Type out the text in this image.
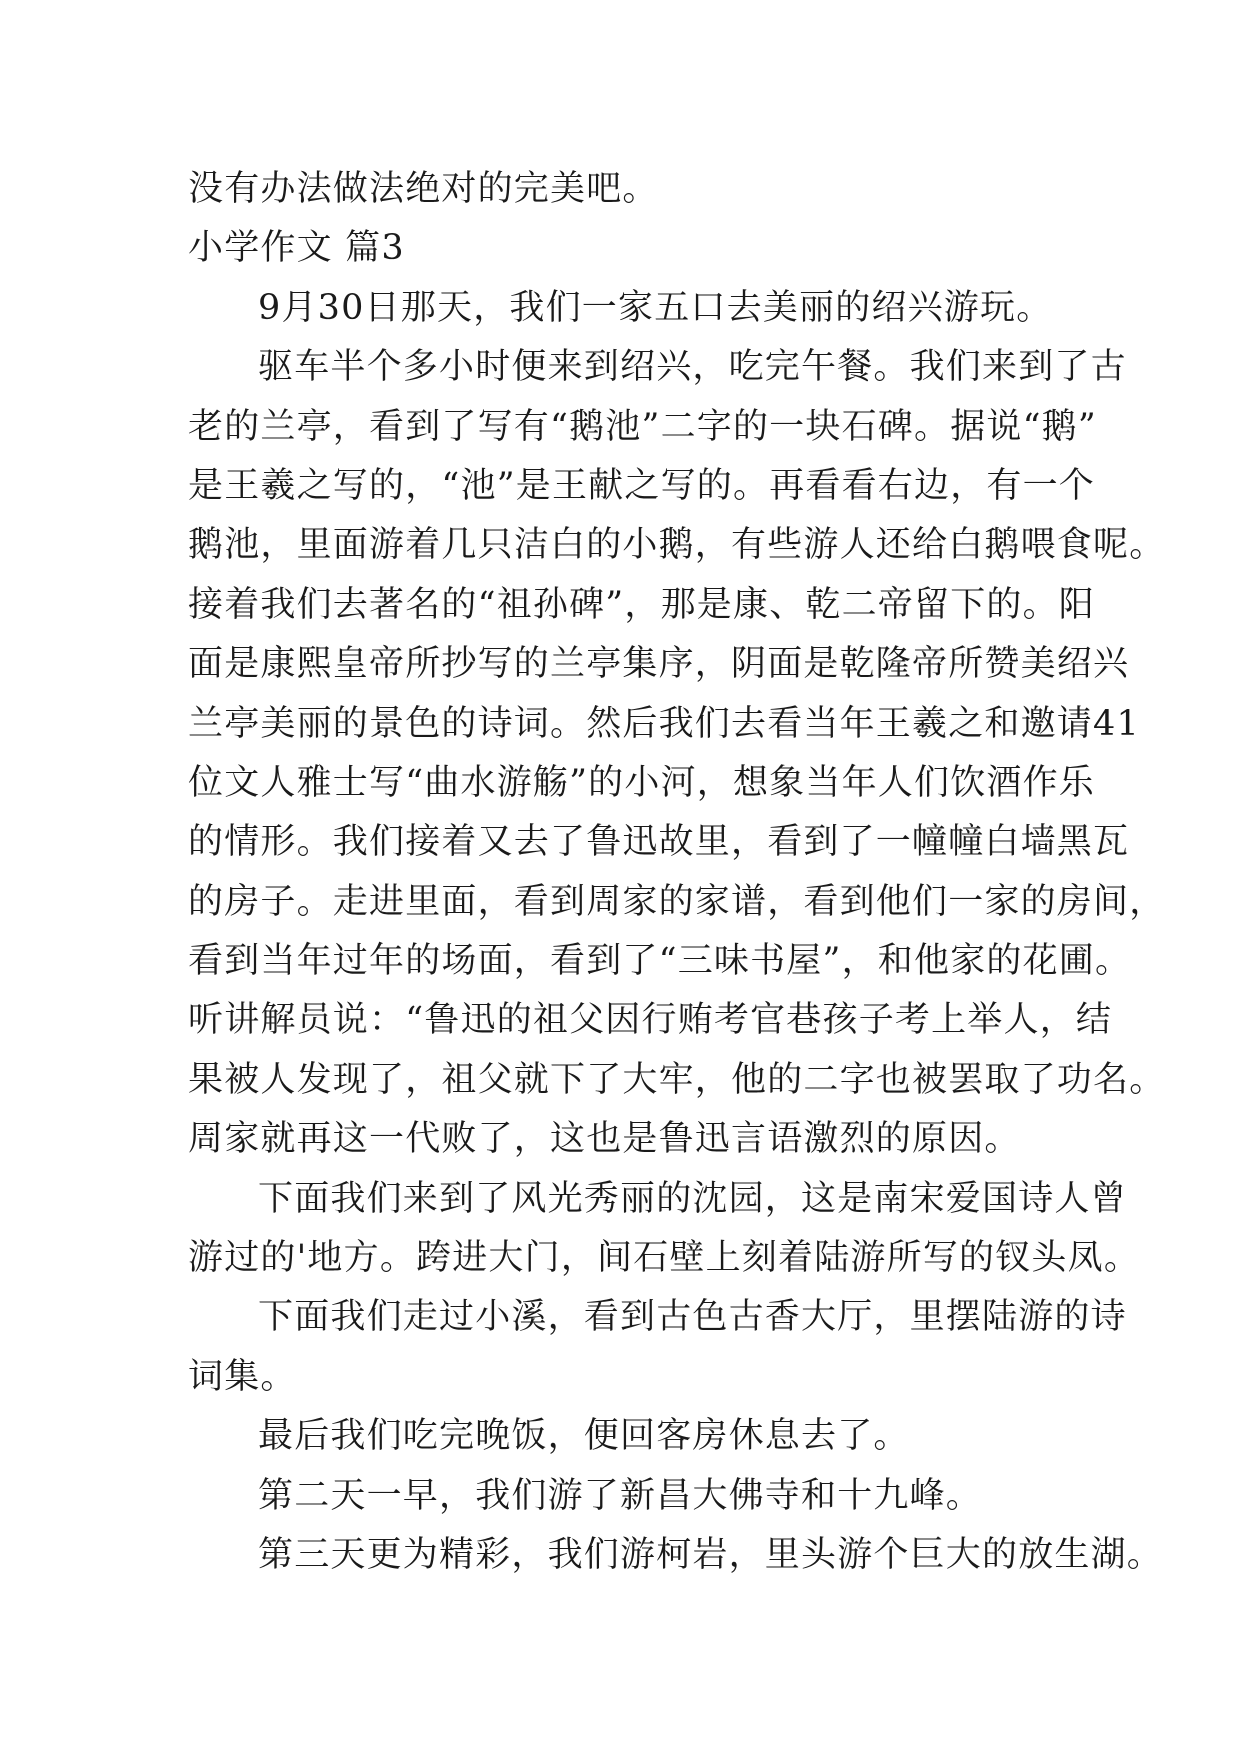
没有办法做法绝对的完美吧。
小学作文 篇3
9月30日那天，我们一家五口去美丽的绍兴游玩。
驱车半个多小时便来到绍兴，吃完午餐。我们来到了古
老的兰亭，看到了写有“鹅池”二字的一块石碑。据说“鹅”
是王羲之写的，“池”是王献之写的。再看看右边，有一个
鹅池，里面游着几只洁白的小鹅，有些游人还给白鹅喂食呢。
接着我们去著名的“祖孙碑”，那是康、乾二帝留下的。阳
面是康熙皇帝所抄写的兰亭集序，阴面是乾隆帝所赞美绍兴
兰亭美丽的景色的诗词。然后我们去看当年王羲之和邀请41
位文人雅士写“曲水游觞”的小河，想象当年人们饮酒作乐
的情形。我们接着又去了鲁迅故里，看到了一幢幢白墙黑瓦
的房子。走进里面，看到周家的家谱，看到他们一家的房间，
看到当年过年的场面，看到了“三味书屋”，和他家的花圃。
听讲解员说：“鲁迅的祖父因行贿考官巷孩子考上举人，结
果被人发现了，祖父就下了大牢，他的二字也被罢取了功名。
周家就再这一代败了，这也是鲁迅言语激烈的原因。
下面我们来到了风光秀丽的沈园，这是南宋爱国诗人曾
游过的'地方。跨进大门，间石壁上刻着陆游所写的钗头凤。
下面我们走过小溪，看到古色古香大厅，里摆陆游的诗
词集。
最后我们吃完晚饭，便回客房休息去了。
第二天一早，我们游了新昌大佛寺和十九峰。
第三天更为精彩，我们游柯岩，里头游个巨大的放生湖。
